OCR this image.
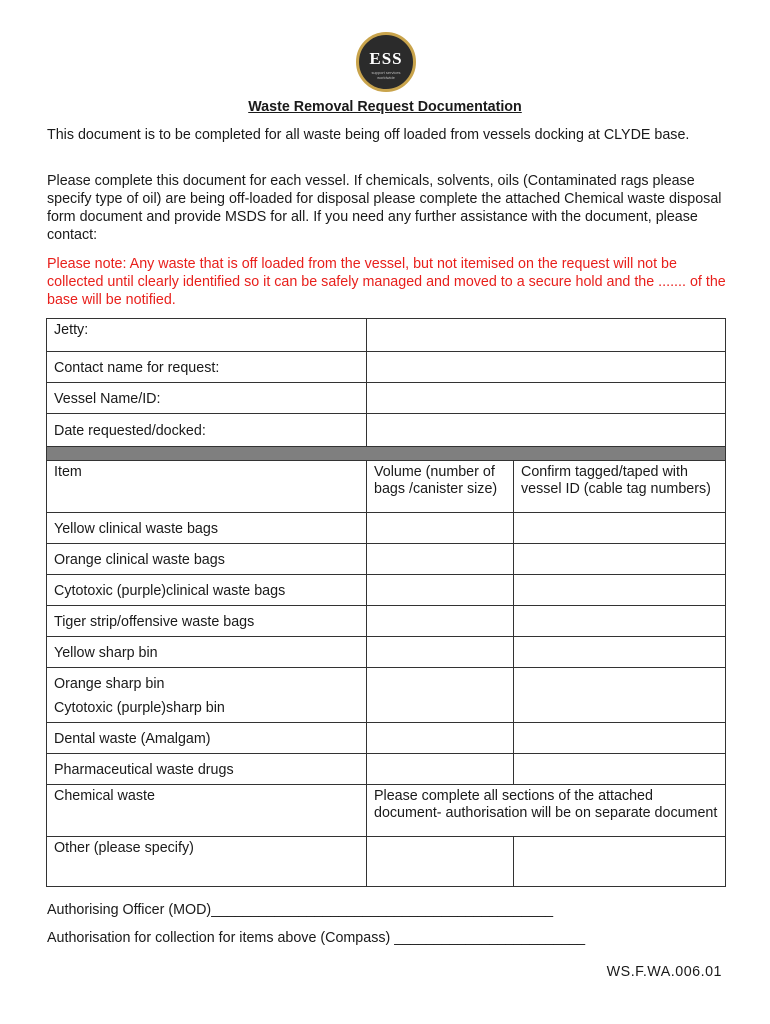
ESS
support services worldwide
Waste Removal Request Documentation

This document is to be completed for all waste being off loaded from vessels docking at CLYDE base.

Please complete this document for each vessel. If chemicals, solvents, oils (Contaminated rags please specify type of oil) are being off-loaded for disposal please complete the attached Chemical waste disposal form document and provide MSDS for all. If you need any further assistance with the document, please contact:

Please note: Any waste that is off loaded from the vessel, but not itemised on the request will not be collected until clearly identified so it can be safely managed and moved to a secure hold and the ....... of the base will be notified.

Jetty:		
Contact name for request:		
Vessel Name/ID:		
Date requested/docked:		

Item	Volume (number of bags /canister size)	Confirm tagged/taped with vessel ID (cable tag numbers)
Yellow clinical waste bags		
Orange clinical waste bags		
Cytotoxic (purple)clinical waste bags		
Tiger strip/offensive waste bags		
Yellow sharp bin		

Orange sharp bin
Cytotoxic (purple)sharp bin		

Dental waste (Amalgam)		
Pharmaceutical waste drugs		
Chemical waste	Please complete all sections of the attached document- authorisation will be on separate document	
Other (please specify)		
Authorising Officer (MOD)___________________________________________
Authorisation for collection for items above (Compass) ________________________
WS.F.WA.006.01
